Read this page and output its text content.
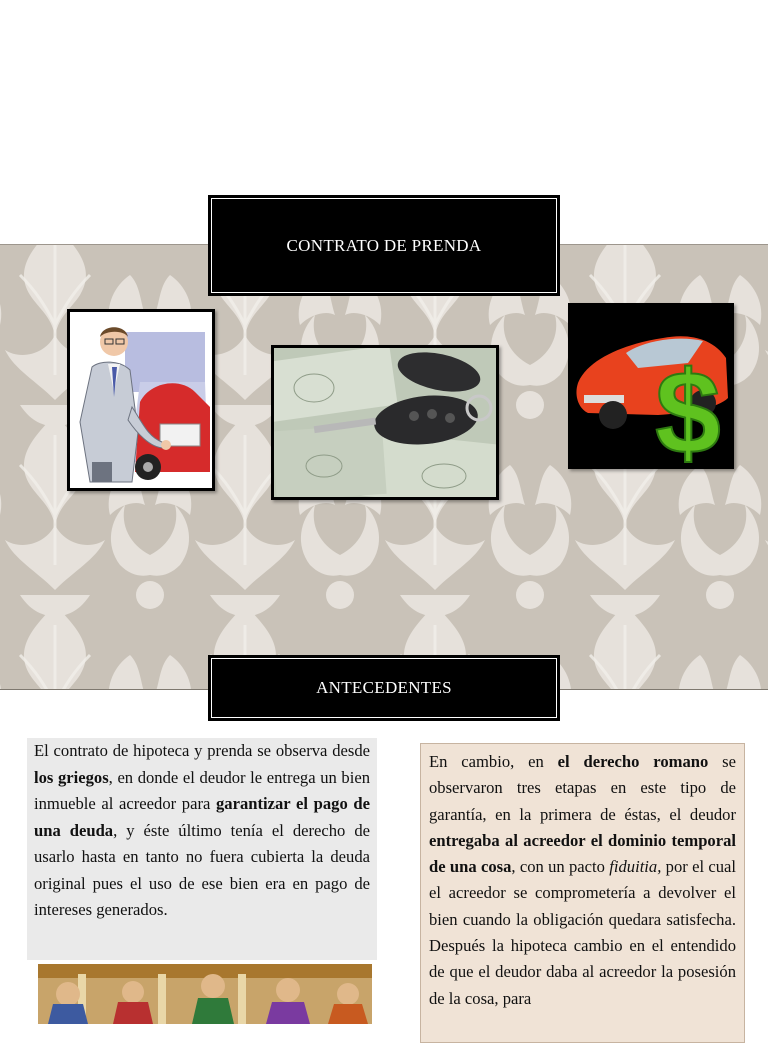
CONTRATO DE PRENDA
$
ANTECEDENTES
El contrato de hipoteca y prenda se observa desde los griegos, en donde el deudor le entrega un bien inmueble al acreedor para garantizar el pago de una deuda, y éste último tenía el derecho de usarlo hasta en tanto no fuera cubierta la deuda original pues el uso de ese bien era en pago de intereses generados.
En cambio, en el derecho romano se observaron tres etapas en este tipo de garantía, en la primera de éstas, el deudor entregaba al acreedor el dominio temporal de una cosa, con un pacto fiduitia, por el cual el acreedor se comprometería a devolver el bien cuando la obligación quedara satisfecha. Después la hipoteca cambio en el entendido de que el deudor daba al acreedor la posesión de la cosa, para
